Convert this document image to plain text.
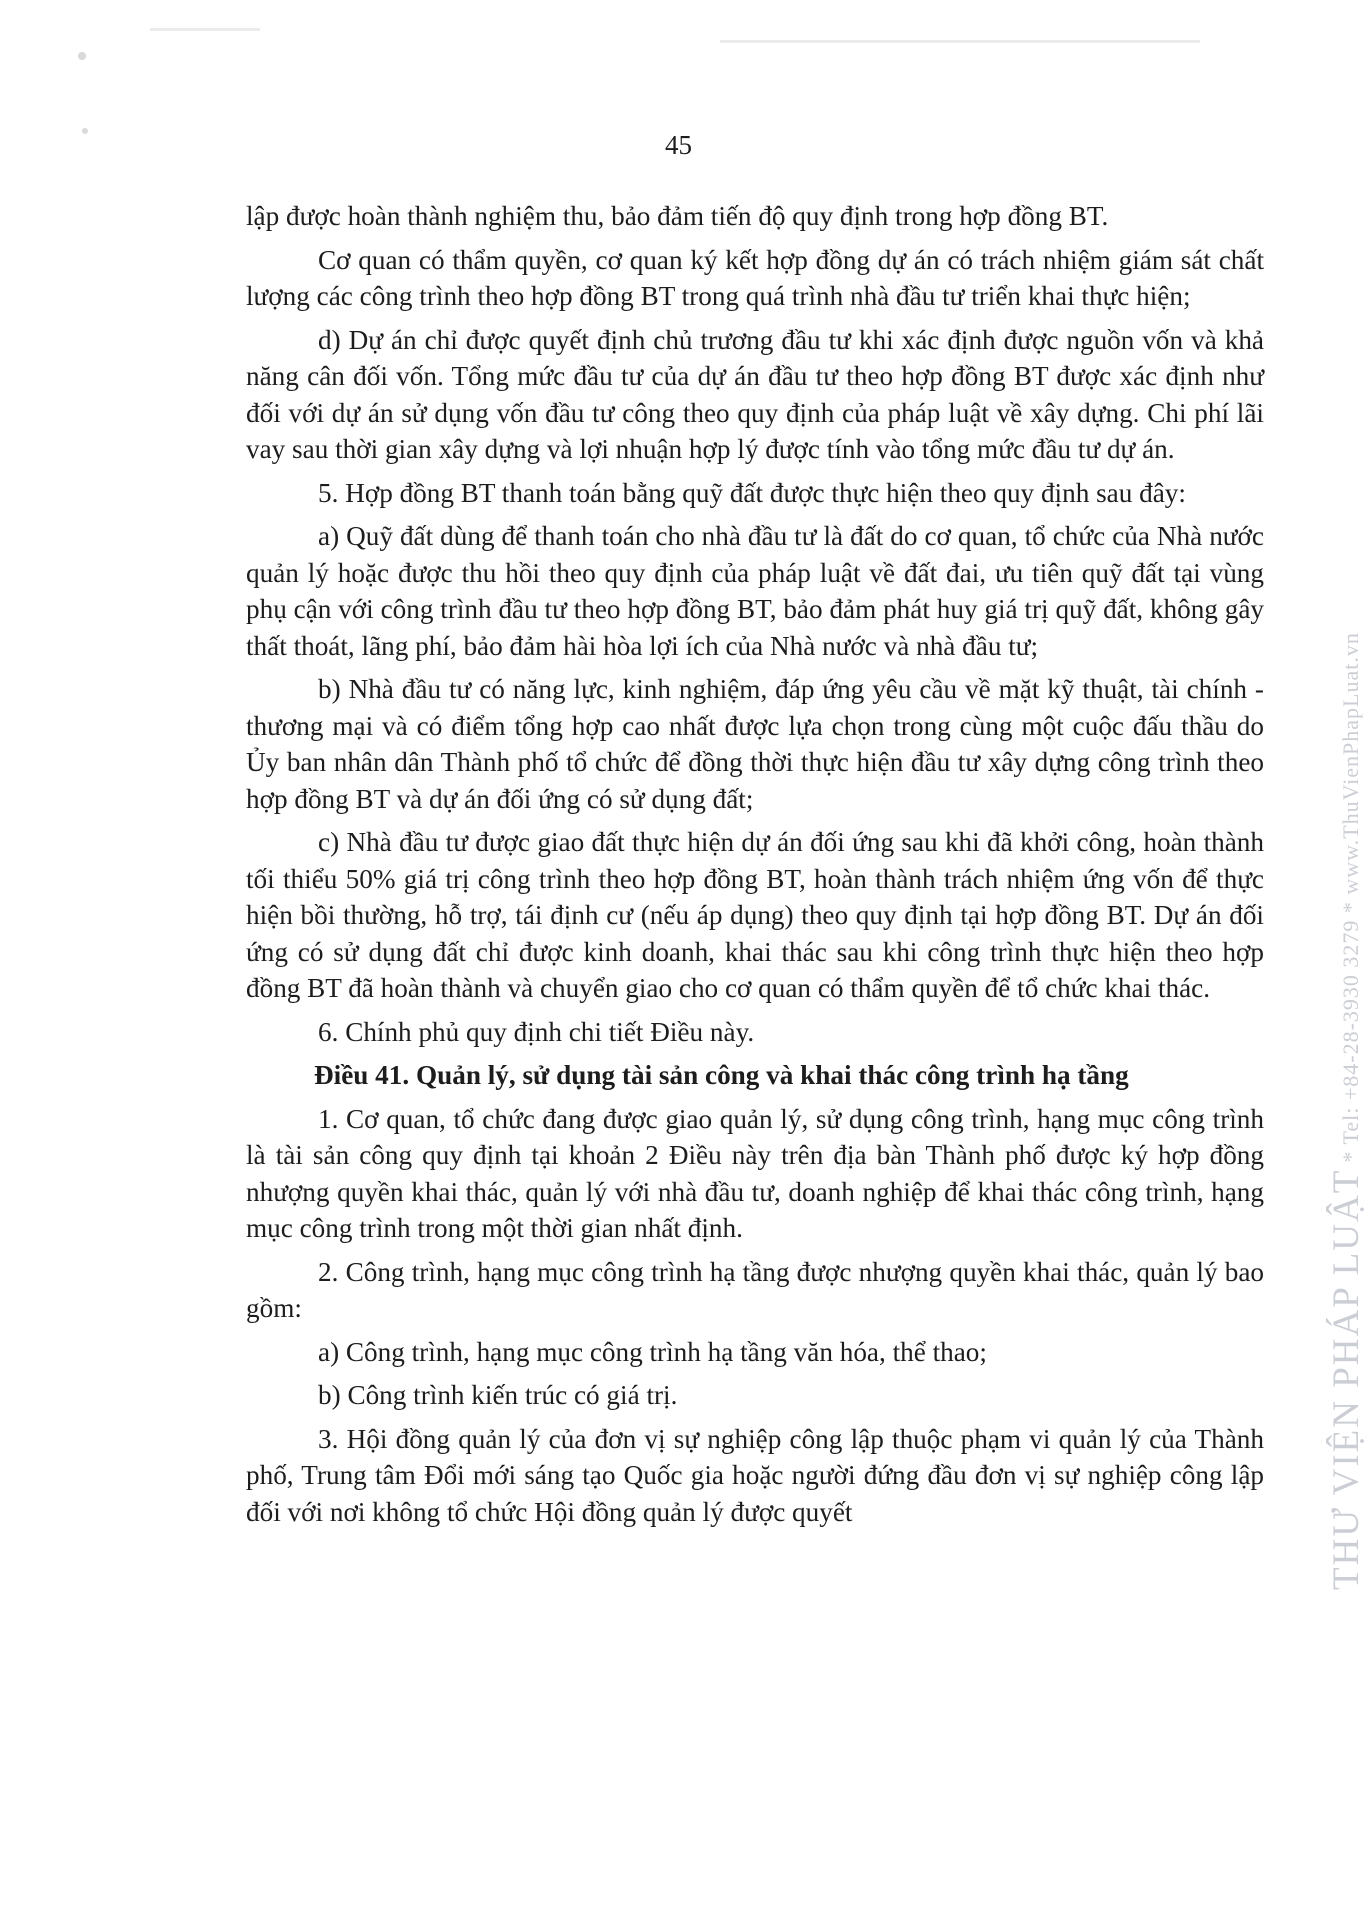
45

lập được hoàn thành nghiệm thu, bảo đảm tiến độ quy định trong hợp đồng BT.

Cơ quan có thẩm quyền, cơ quan ký kết hợp đồng dự án có trách nhiệm giám sát chất lượng các công trình theo hợp đồng BT trong quá trình nhà đầu tư triển khai thực hiện;

d) Dự án chỉ được quyết định chủ trương đầu tư khi xác định được nguồn vốn và khả năng cân đối vốn. Tổng mức đầu tư của dự án đầu tư theo hợp đồng BT được xác định như đối với dự án sử dụng vốn đầu tư công theo quy định của pháp luật về xây dựng. Chi phí lãi vay sau thời gian xây dựng và lợi nhuận hợp lý được tính vào tổng mức đầu tư dự án.

5. Hợp đồng BT thanh toán bằng quỹ đất được thực hiện theo quy định sau đây:

a) Quỹ đất dùng để thanh toán cho nhà đầu tư là đất do cơ quan, tổ chức của Nhà nước quản lý hoặc được thu hồi theo quy định của pháp luật về đất đai, ưu tiên quỹ đất tại vùng phụ cận với công trình đầu tư theo hợp đồng BT, bảo đảm phát huy giá trị quỹ đất, không gây thất thoát, lãng phí, bảo đảm hài hòa lợi ích của Nhà nước và nhà đầu tư;

b) Nhà đầu tư có năng lực, kinh nghiệm, đáp ứng yêu cầu về mặt kỹ thuật, tài chính - thương mại và có điểm tổng hợp cao nhất được lựa chọn trong cùng một cuộc đấu thầu do Ủy ban nhân dân Thành phố tổ chức để đồng thời thực hiện đầu tư xây dựng công trình theo hợp đồng BT và dự án đối ứng có sử dụng đất;

c) Nhà đầu tư được giao đất thực hiện dự án đối ứng sau khi đã khởi công, hoàn thành tối thiểu 50% giá trị công trình theo hợp đồng BT, hoàn thành trách nhiệm ứng vốn để thực hiện bồi thường, hỗ trợ, tái định cư (nếu áp dụng) theo quy định tại hợp đồng BT. Dự án đối ứng có sử dụng đất chỉ được kinh doanh, khai thác sau khi công trình thực hiện theo hợp đồng BT đã hoàn thành và chuyển giao cho cơ quan có thẩm quyền để tổ chức khai thác.

6. Chính phủ quy định chi tiết Điều này.

Điều 41. Quản lý, sử dụng tài sản công và khai thác công trình hạ tầng

1. Cơ quan, tổ chức đang được giao quản lý, sử dụng công trình, hạng mục công trình là tài sản công quy định tại khoản 2 Điều này trên địa bàn Thành phố được ký hợp đồng nhượng quyền khai thác, quản lý với nhà đầu tư, doanh nghiệp để khai thác công trình, hạng mục công trình trong một thời gian nhất định.

2. Công trình, hạng mục công trình hạ tầng được nhượng quyền khai thác, quản lý bao gồm:

a) Công trình, hạng mục công trình hạ tầng văn hóa, thể thao;

b) Công trình kiến trúc có giá trị.

3. Hội đồng quản lý của đơn vị sự nghiệp công lập thuộc phạm vi quản lý của Thành phố, Trung tâm Đổi mới sáng tạo Quốc gia hoặc người đứng đầu đơn vị sự nghiệp công lập đối với nơi không tổ chức Hội đồng quản lý được quyết	THƯ VIỆN PHÁP LUẬT* Tel: +84-28-3930 3279 * www.ThuVienPhapLuat.vn
